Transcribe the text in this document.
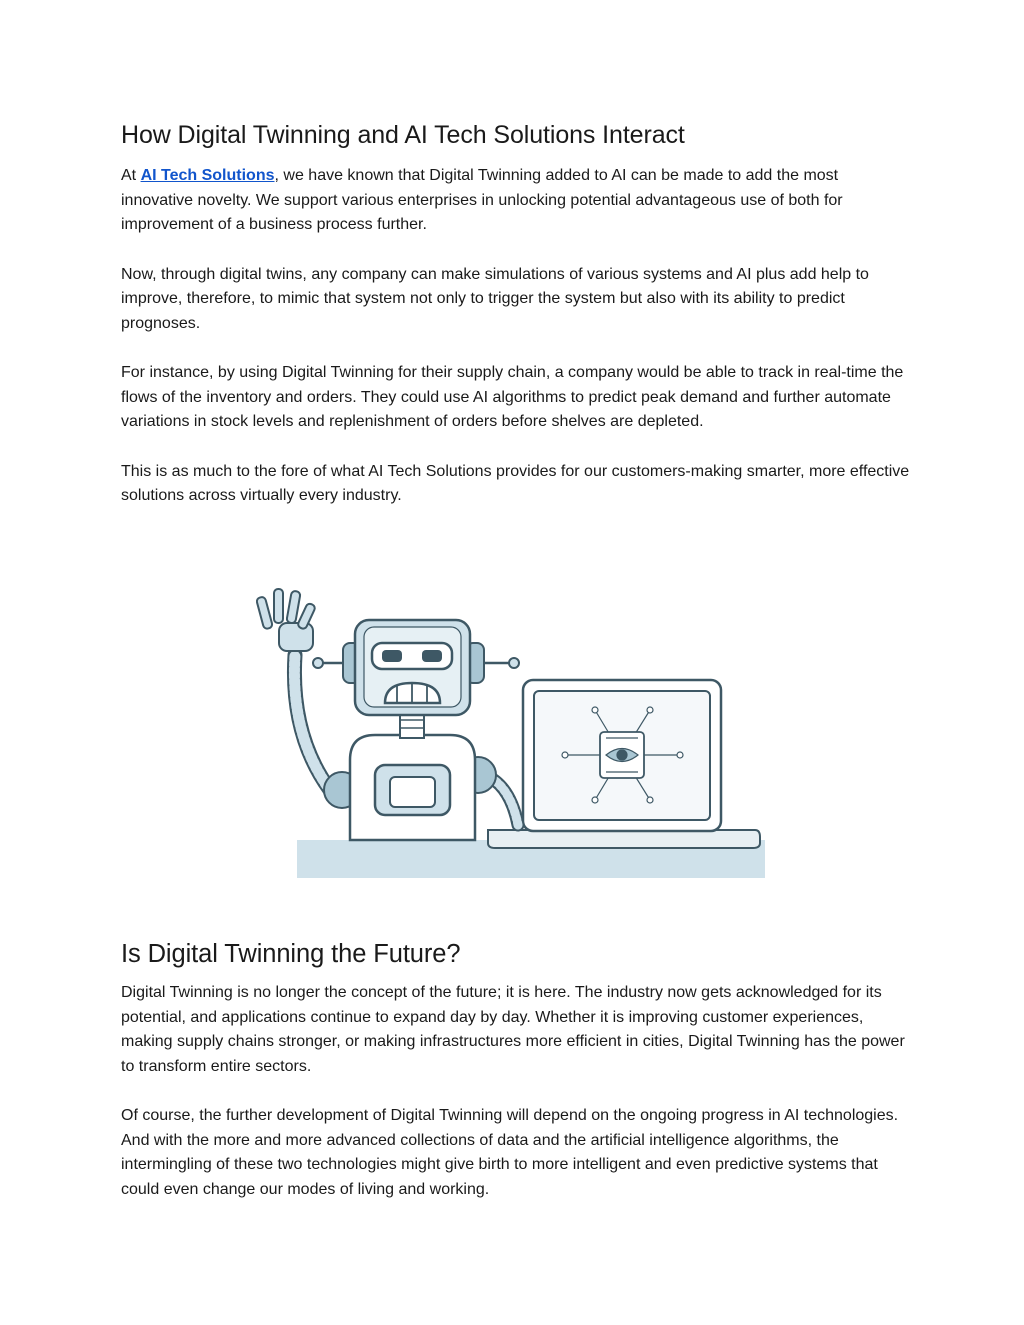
How Digital Twinning and AI Tech Solutions Interact

At AI Tech Solutions, we have known that Digital Twinning added to AI can be made to add the most innovative novelty. We support various enterprises in unlocking potential advantageous use of both for improvement of a business process further.

Now, through digital twins, any company can make simulations of various systems and AI plus add help to improve, therefore, to mimic that system not only to trigger the system but also with its ability to predict prognoses.

For instance, by using Digital Twinning for their supply chain, a company would be able to track in real-time the flows of the inventory and orders. They could use AI algorithms to predict peak demand and further automate variations in stock levels and replenishment of orders before shelves are depleted.

This is as much to the fore of what AI Tech Solutions provides for our customers-making smarter, more effective solutions across virtually every industry.

Is Digital Twinning the Future?

Digital Twinning is no longer the concept of the future; it is here. The industry now gets acknowledged for its potential, and applications continue to expand day by day. Whether it is improving customer experiences, making supply chains stronger, or making infrastructures more efficient in cities, Digital Twinning has the power to transform entire sectors.

Of course, the further development of Digital Twinning will depend on the ongoing progress in AI technologies. And with the more and more advanced collections of data and the artificial intelligence algorithms, the intermingling of these two technologies might give birth to more intelligent and even predictive systems that could even change our modes of living and working.
